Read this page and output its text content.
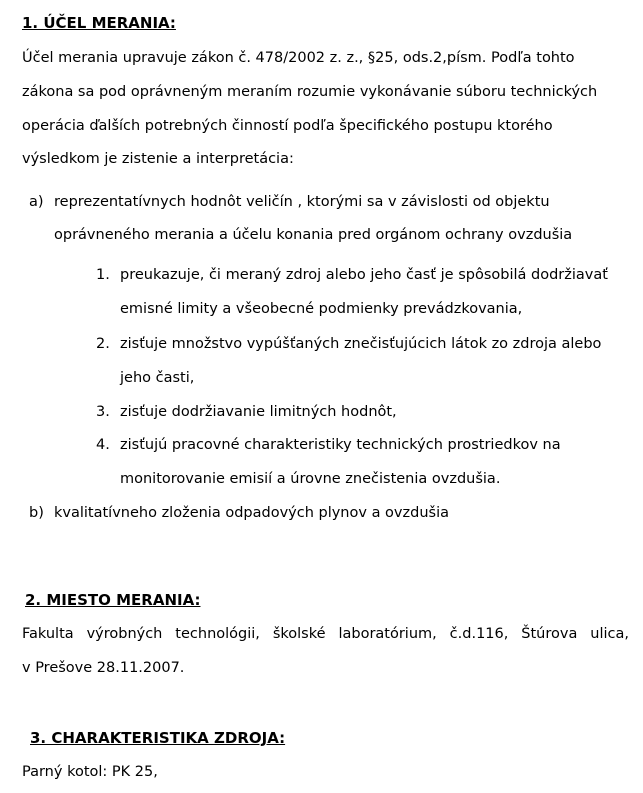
1. ÚČEL MERANIA:
Účel merania upravuje zákon č. 478/2002 z. z., §25, ods.2,písm. Podľa tohto
zákona sa pod oprávneným meraním rozumie vykonávanie súboru technických
operácia ďalších potrebných činností podľa špecifického postupu ktorého
výsledkom je zistenie a interpretácia:
a) reprezentatívnych hodnôt veličín , ktorými sa v závislosti od objektu
oprávneného merania a účelu konania pred orgánom ochrany ovzdušia
1. preukazuje, či meraný zdroj alebo jeho časť je spôsobilá dodržiavať
emisné limity a všeobecné podmienky prevádzkovania,
2. zisťuje množstvo vypúšťaných znečisťujúcich látok zo zdroja alebo
jeho časti,
3. zisťuje dodržiavanie limitných hodnôt,
4. zisťujú pracovné charakteristiky technických prostriedkov na
monitorovanie emisií a úrovne znečistenia ovzdušia.
b) kvalitatívneho zloženia odpadových plynov a ovzdušia
2. MIESTO MERANIA:
Fakulta výrobných technológii, školské laboratórium, č.d.116, Štúrova ulica,
v Prešove 28.11.2007.
3. CHARAKTERISTIKA ZDROJA:
Parný kotol: PK 25,
